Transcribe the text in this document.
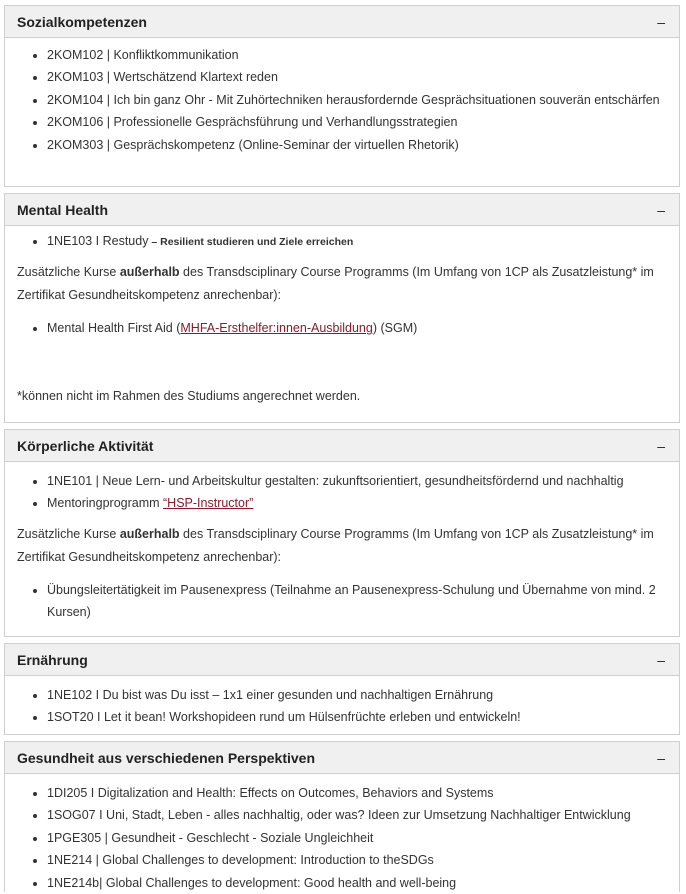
Sozialkompetenzen	–
• 2KOM102 | Konfliktkommunikation
• 2KOM103 | Wertschätzend Klartext reden
• 2KOM104 | Ich bin ganz Ohr - Mit Zuhörtechniken herausfordernde Gesprächsituationen souverän entschärfen
• 2KOM106 | Professionelle Gesprächsführung und Verhandlungsstrategien
• 2KOM303 | Gesprächskompetenz (Online-Seminar der virtuellen Rhetorik)
Mental Health	–
• 1NE103 I Restudy – Resilient studieren und Ziele erreichen

Zusätzliche Kurse außerhalb des Transdsciplinary Course Programms (Im Umfang von 1CP als Zusatzleistung* im Zertifikat Gesundheitskompetenz anrechenbar):

• Mental Health First Aid (MHFA-Ersthelfer:innen-Ausbildung) (SGM)

*können nicht im Rahmen des Studiums angerechnet werden.

Körperliche Aktivität	–
• 1NE101 | Neue Lern- und Arbeitskultur gestalten: zukunftsorientiert, gesundheitsfördernd und nachhaltig
• Mentoringprogramm “HSP-Instructor”

Zusätzliche Kurse außerhalb des Transdsciplinary Course Programms (Im Umfang von 1CP als Zusatzleistung* im Zertifikat Gesundheitskompetenz anrechenbar):

• Übungsleitertätigkeit im Pausenexpress (Teilnahme an Pausenexpress-Schulung und Übernahme von mind. 2 Kursen)
Ernährung	–
• 1NE102 I Du bist was Du isst – 1x1 einer gesunden und nachhaltigen Ernährung
• 1SOT20 I Let it bean! Workshopideen rund um Hülsenfrüchte erleben und entwickeln!
Gesundheit aus verschiedenen Perspektiven	–
• 1DI205 I Digitalization and Health: Effects on Outcomes, Behaviors and Systems
• 1SOG07 I Uni, Stadt, Leben - alles nachhaltig, oder was? Ideen zur Umsetzung Nachhaltiger Entwicklung
• 1PGE305 | Gesundheit - Geschlecht - Soziale Ungleichheit
• 1NE214 | Global Challenges to development: Introduction to theSDGs
• 1NE214b| Global Challenges to development: Good health and well-being
